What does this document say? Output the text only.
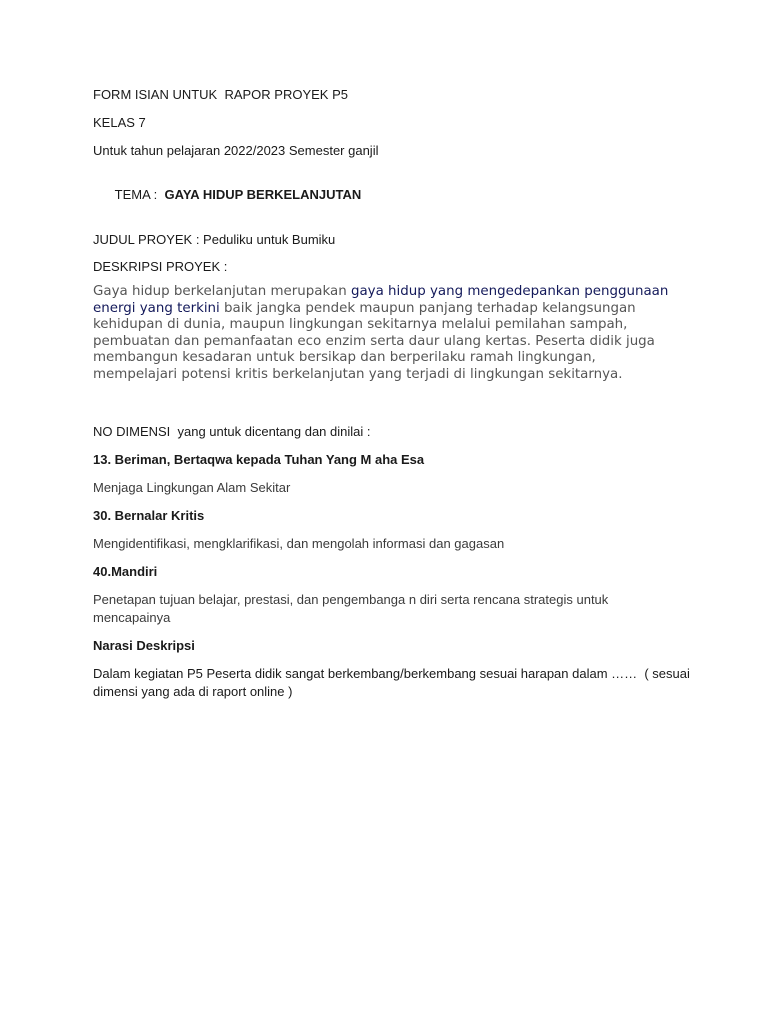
FORM ISIAN UNTUK  RAPOR PROYEK P5

KELAS 7

Untuk tahun pelajaran 2022/2023 Semester ganjil

TEMA :  GAYA HIDUP BERKELANJUTAN

JUDUL PROYEK : Peduliku untuk Bumiku

DESKRIPSI PROYEK :

Gaya hidup berkelanjutan merupakan gaya hidup yang mengedepankan penggunaan energi yang terkini baik jangka pendek maupun panjang terhadap kelangsungan kehidupan di dunia, maupun lingkungan sekitarnya melalui pemilahan sampah, pembuatan dan pemanfaatan eco enzim serta daur ulang kertas. Peserta didik juga membangun kesadaran untuk bersikap dan berperilaku ramah lingkungan, mempelajari potensi kritis berkelanjutan yang terjadi di lingkungan sekitarnya.

NO DIMENSI  yang untuk dicentang dan dinilai :

13. Beriman, Bertaqwa kepada Tuhan Yang M aha Esa

Menjaga Lingkungan Alam Sekitar

30. Bernalar Kritis

Mengidentifikasi, mengklarifikasi, dan mengolah informasi dan gagasan

40.Mandiri

Penetapan tujuan belajar, prestasi, dan pengembanga n diri serta rencana strategis untuk

mencapainya

Narasi Deskripsi

Dalam kegiatan P5 Peserta didik sangat berkembang/berkembang sesuai harapan dalam ……  ( sesuai

dimensi yang ada di raport online )
